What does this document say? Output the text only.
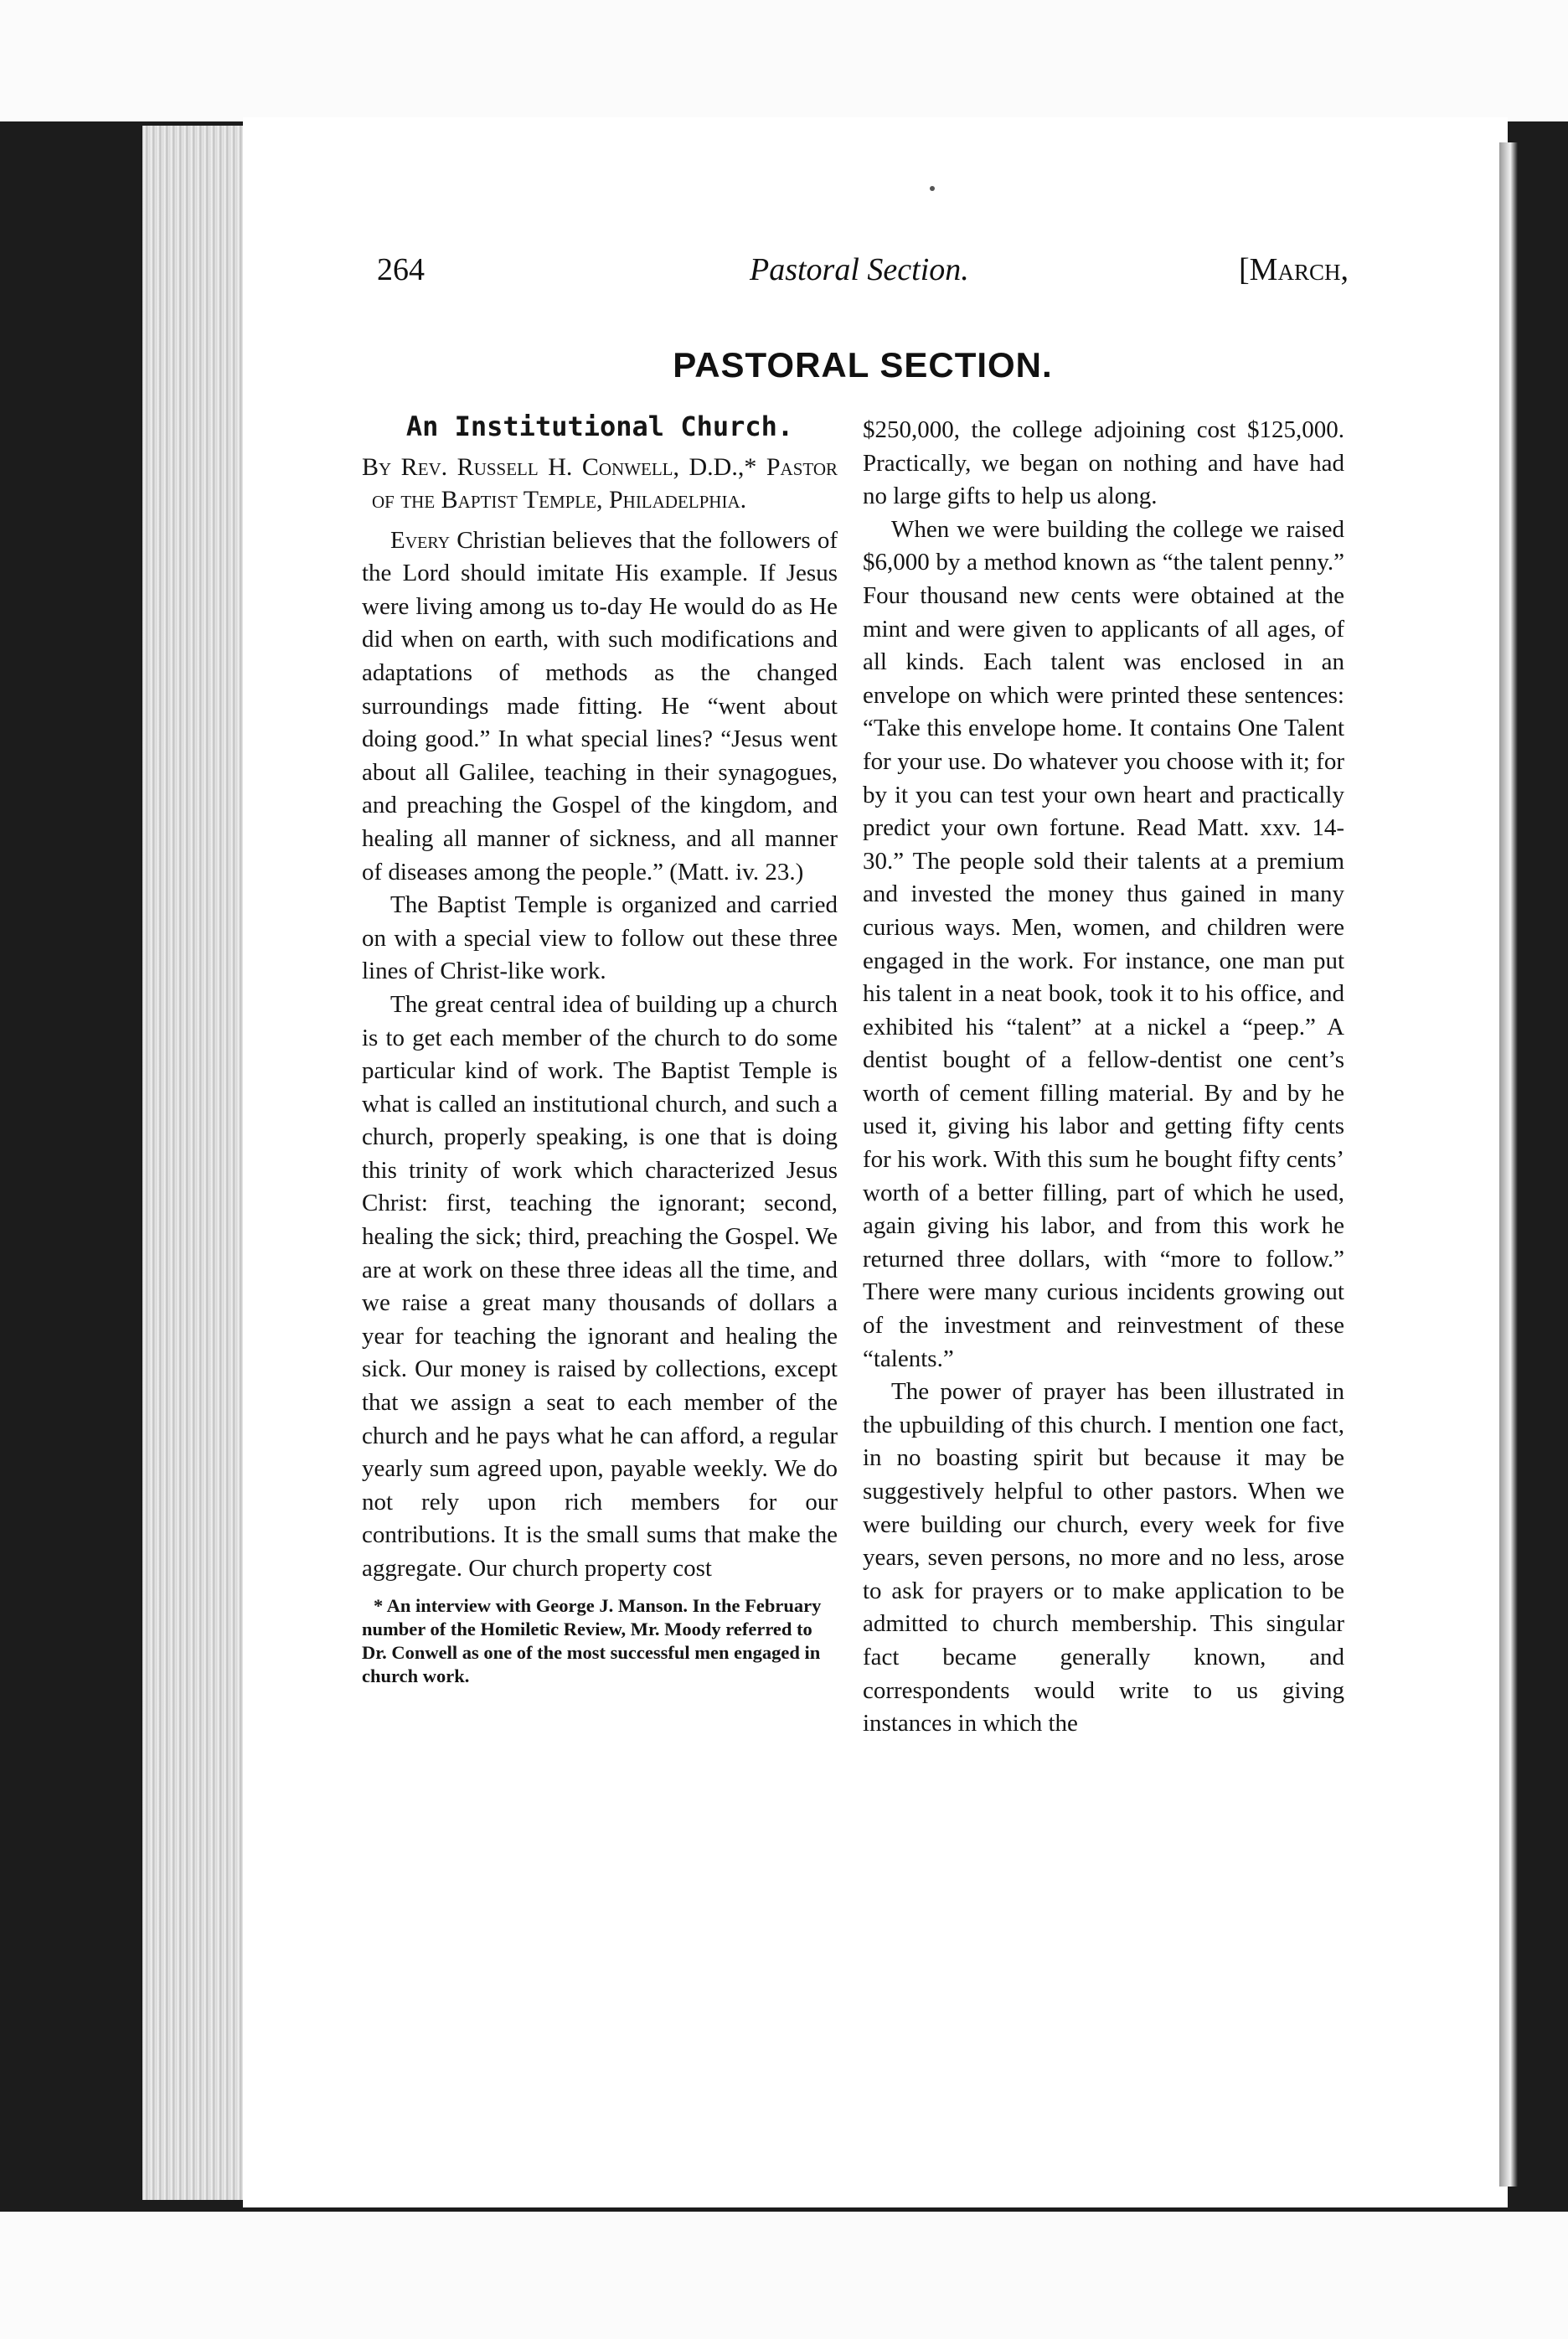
264	Pastoral Section.	[March,
PASTORAL SECTION.
An Institutional Church.
By Rev. Russell H. Conwell, D.D.,* Pastor of the Baptist Temple, Philadelphia.

Every Christian believes that the followers of the Lord should imitate His example. If Jesus were living among us to-day He would do as He did when on earth, with such modifications and adaptations of methods as the changed surroundings made fitting. He “went about doing good.” In what special lines? “Jesus went about all Galilee, teaching in their synagogues, and preaching the Gospel of the kingdom, and healing all manner of sickness, and all manner of diseases among the people.” (Matt. iv. 23.)

The Baptist Temple is organized and carried on with a special view to follow out these three lines of Christ-like work.

The great central idea of building up a church is to get each member of the church to do some particular kind of work. The Baptist Temple is what is called an institutional church, and such a church, properly speaking, is one that is doing this trinity of work which characterized Jesus Christ: first, teaching the ignorant; second, healing the sick; third, preaching the Gospel. We are at work on these three ideas all the time, and we raise a great many thousands of dollars a year for teaching the ignorant and healing the sick. Our money is raised by collections, except that we assign a seat to each member of the church and he pays what he can afford, a regular yearly sum agreed upon, payable weekly. We do not rely upon rich members for our contributions. It is the small sums that make the aggregate. Our church property cost

* An interview with George J. Manson. In the February number of the Homiletic Review, Mr. Moody referred to Dr. Conwell as one of the most successful men engaged in church work.

$250,000, the college adjoining cost $125,000. Practically, we began on nothing and have had no large gifts to help us along.

When we were building the college we raised $6,000 by a method known as “the talent penny.” Four thousand new cents were obtained at the mint and were given to applicants of all ages, of all kinds. Each talent was enclosed in an envelope on which were printed these sentences: “Take this envelope home. It contains One Talent for your use. Do whatever you choose with it; for by it you can test your own heart and practically predict your own fortune. Read Matt. xxv. 14-30.” The people sold their talents at a premium and invested the money thus gained in many curious ways. Men, women, and children were engaged in the work. For instance, one man put his talent in a neat book, took it to his office, and exhibited his “talent” at a nickel a “peep.” A dentist bought of a fellow-dentist one cent’s worth of cement filling material. By and by he used it, giving his labor and getting fifty cents for his work. With this sum he bought fifty cents’ worth of a better filling, part of which he used, again giving his labor, and from this work he returned three dollars, with “more to follow.” There were many curious incidents growing out of the investment and reinvestment of these “talents.”

The power of prayer has been illustrated in the upbuilding of this church. I mention one fact, in no boasting spirit but because it may be suggestively helpful to other pastors. When we were building our church, every week for five years, seven persons, no more and no less, arose to ask for prayers or to make application to be admitted to church membership. This singular fact became generally known, and correspondents would write to us giving instances in which the
